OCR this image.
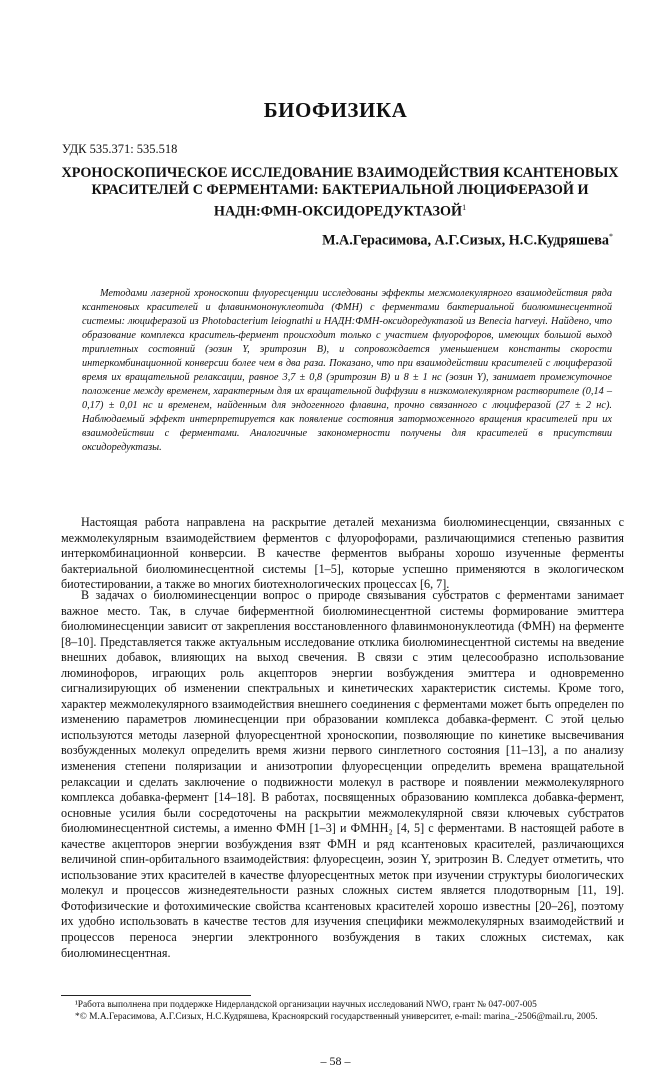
БИОФИЗИКА
УДК 535.371: 535.518
ХРОНОСКОПИЧЕСКОЕ ИССЛЕДОВАНИЕ ВЗАИМОДЕЙСТВИЯ КСАНТЕНОВЫХ КРАСИТЕЛЕЙ С ФЕРМЕНТАМИ: БАКТЕРИАЛЬНОЙ ЛЮЦИФЕРАЗОЙ И НАДН:ФМН-ОКСИДОРЕДУКТАЗОЙ$^1$
М.А.Герасимова, А.Г.Сизых, Н.С.Кудряшева*

Методами лазерной хроноскопии флуоресценции исследованы эффекты межмолекулярного взаимодействия ряда ксантеновых красителей и флавинмононуклеотида (ФМН) с ферментами бактериальной биолюминесцентной системы: люциферазой из Photobacterium leiognathi и НАДН:ФМН-оксидоредуктазой из Benecia harveyi. Найдено, что образование комплекса краситель-фермент происходит только с участием флуорофоров, имеющих большой выход триплетных состояний (эозин Y, эритрозин В), и сопровождается уменьшением константы скорости интеркомбинационной конверсии более чем в два раза. Показано, что при взаимодействии красителей с люциферазой время их вращательной релаксации, равное 3,7 ± 0,8 (эритрозин В) и 8 ± 1 нс (эозин Y), занимает промежуточное положение между временем, характерным для их вращательной диффузии в низкомолекулярном растворителе (0,14 – 0,17) ± 0,01 нс и временем, найденным для эндогенного флавина, прочно связанного с люциферазой (27 ± 2 нс). Наблюдаемый эффект интерпретируется как появление состояния заторможенного вращения красителей при их взаимодействии с ферментами. Аналогичные закономерности получены для красителей в присутствии оксидоредуктазы.

Настоящая работа направлена на раскрытие деталей механизма биолюминесценции, связанных с межмолекулярным взаимодействием ферментов с флуорофорами, различающимися степенью развития интеркомбинационной конверсии. В качестве ферментов выбраны хорошо изученные ферменты бактериальной биолюминесцентной системы [1–5], которые успешно применяются в экологическом биотестировании, а также во многих биотехнологических процессах [6, 7].

В задачах о биолюминесценции вопрос о природе связывания субстратов с ферментами занимает важное место. Так, в случае биферментной биолюминесцентной системы формирование эмиттера биолюминесценции зависит от закрепления восстановленного флавинмононуклеотида (ФМН) на ферменте [8–10]. Представляется также актуальным исследование отклика биолюминесцентной системы на введение внешних добавок, влияющих на выход свечения. В связи с этим целесообразно использование люминофоров, играющих роль акцепторов энергии возбуждения эмиттера и одновременно сигнализирующих об изменении спектральных и кинетических характеристик системы. Кроме того, характер межмолекулярного взаимодействия внешнего соединения с ферментами может быть определен по изменению параметров люминесценции при образовании комплекса добавка-фермент. С этой целью используются методы лазерной флуоресцентной хроноскопии, позволяющие по кинетике высвечивания возбужденных молекул определить время жизни первого синглетного состояния [11–13], а по анализу изменения степени поляризации и анизотропии флуоресценции определить времена вращательной релаксации и сделать заключение о подвижности молекул в растворе и появлении межмолекулярного комплекса добавка-фермент [14–18]. В работах, посвященных образованию комплекса добавка-фермент, основные усилия были сосредоточены на раскрытии межмолекулярной связи ключевых субстратов биолюминесцентной системы, а именно ФМН [1–3] и ФМНН₂ [4, 5] с ферментами. В настоящей работе в качестве акцепторов энергии возбуждения взят ФМН и ряд ксантеновых красителей, различающихся величиной спин-орбитального взаимодействия: флуоресцеин, эозин Y, эритрозин В. Следует отметить, что использование этих красителей в качестве флуоресцентных меток при изучении структуры биологических молекул и процессов жизнедеятельности разных сложных систем является плодотворным [11, 19]. Фотофизические и фотохимические свойства ксантеновых красителей хорошо известны [20–26], поэтому их удобно использовать в качестве тестов для изучения специфики межмолекулярных взаимодействий и процессов переноса энергии электронного возбуждения в таких сложных системах, как биолюминесцентная.

¹Работа выполнена при поддержке Нидерландской организации научных исследований NWO, грант № 047-007-005
*© М.А.Герасимова, А.Г.Сизых, Н.С.Кудряшева, Красноярский государственный университет, e-mail: marina_-2506@mail.ru, 2005.
– 58 –
